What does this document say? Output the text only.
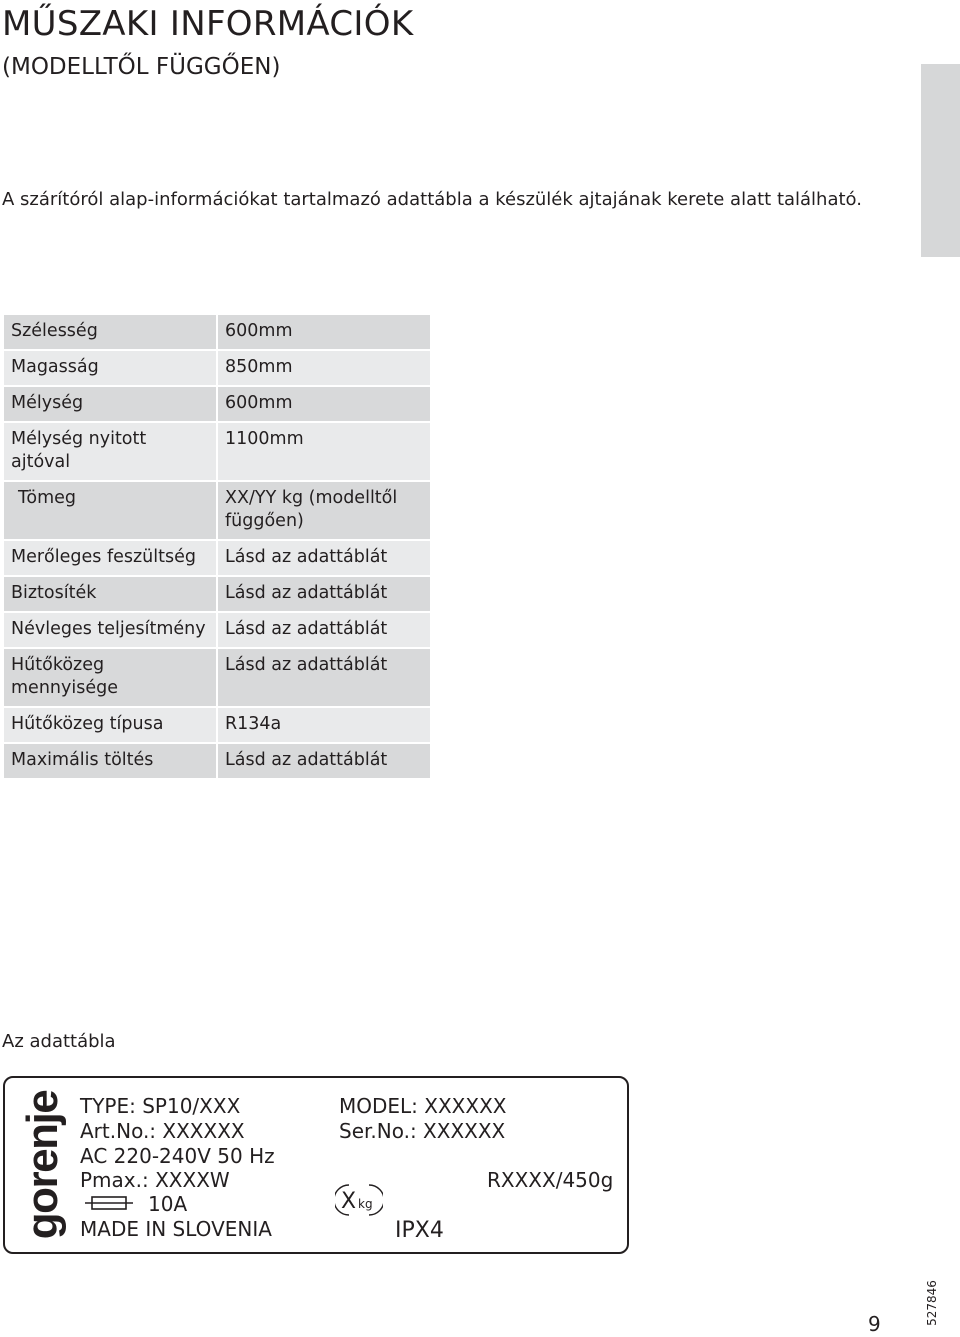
MŰSZAKI INFORMÁCIÓK
(MODELLTŐL FÜGGŐEN)

A szárítóról alap-információkat tartalmazó adattábla a készülék ajtajának kerete alatt található.

Szélesség	600mm
Magasság	850mm
Mélység	600mm
Mélység nyitott ajtóval	1100mm
Tömeg	XX/YY kg (modelltől függően)
Merőleges feszültség	Lásd az adattáblát
Biztosíték	Lásd az adattáblát
Névleges teljesítmény	Lásd az adattáblát
Hűtőközeg mennyisége	Lásd az adattáblát
Hűtőközeg típusa	R134a
Maximális töltés	Lásd az adattáblát

Az adattábla

gorenje TYPE: SP10/XXX
Art.No.: XXXXXX
AC 220-240V 50 Hz
Pmax.: XXXXW
10A
MADE IN SLOVENIA
MODEL: XXXXXX
Ser.No.: XXXXXX
RXXXX/450g
X kg
IPX4
527846
9
